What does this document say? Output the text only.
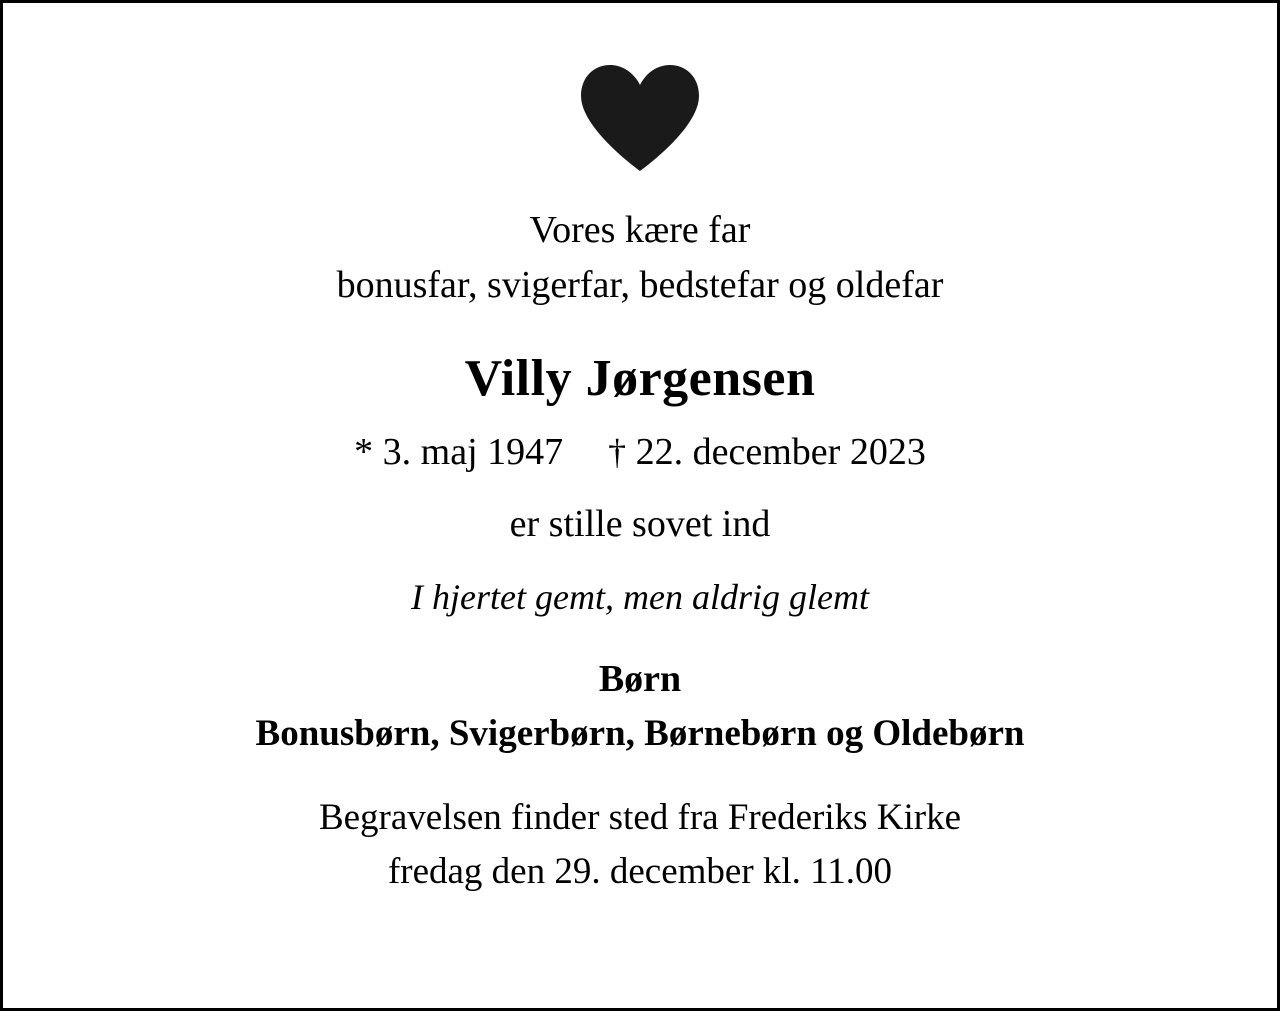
Vores kære far
bonusfar, svigerfar, bedstefar og oldefar
Villy Jørgensen
* 3. maj 1947 † 22. december 2023
er stille sovet ind
I hjertet gemt, men aldrig glemt
Børn
Bonusbørn, Svigerbørn, Børnebørn og Oldebørn
Begravelsen finder sted fra Frederiks Kirke
fredag den 29. december kl. 11.00
